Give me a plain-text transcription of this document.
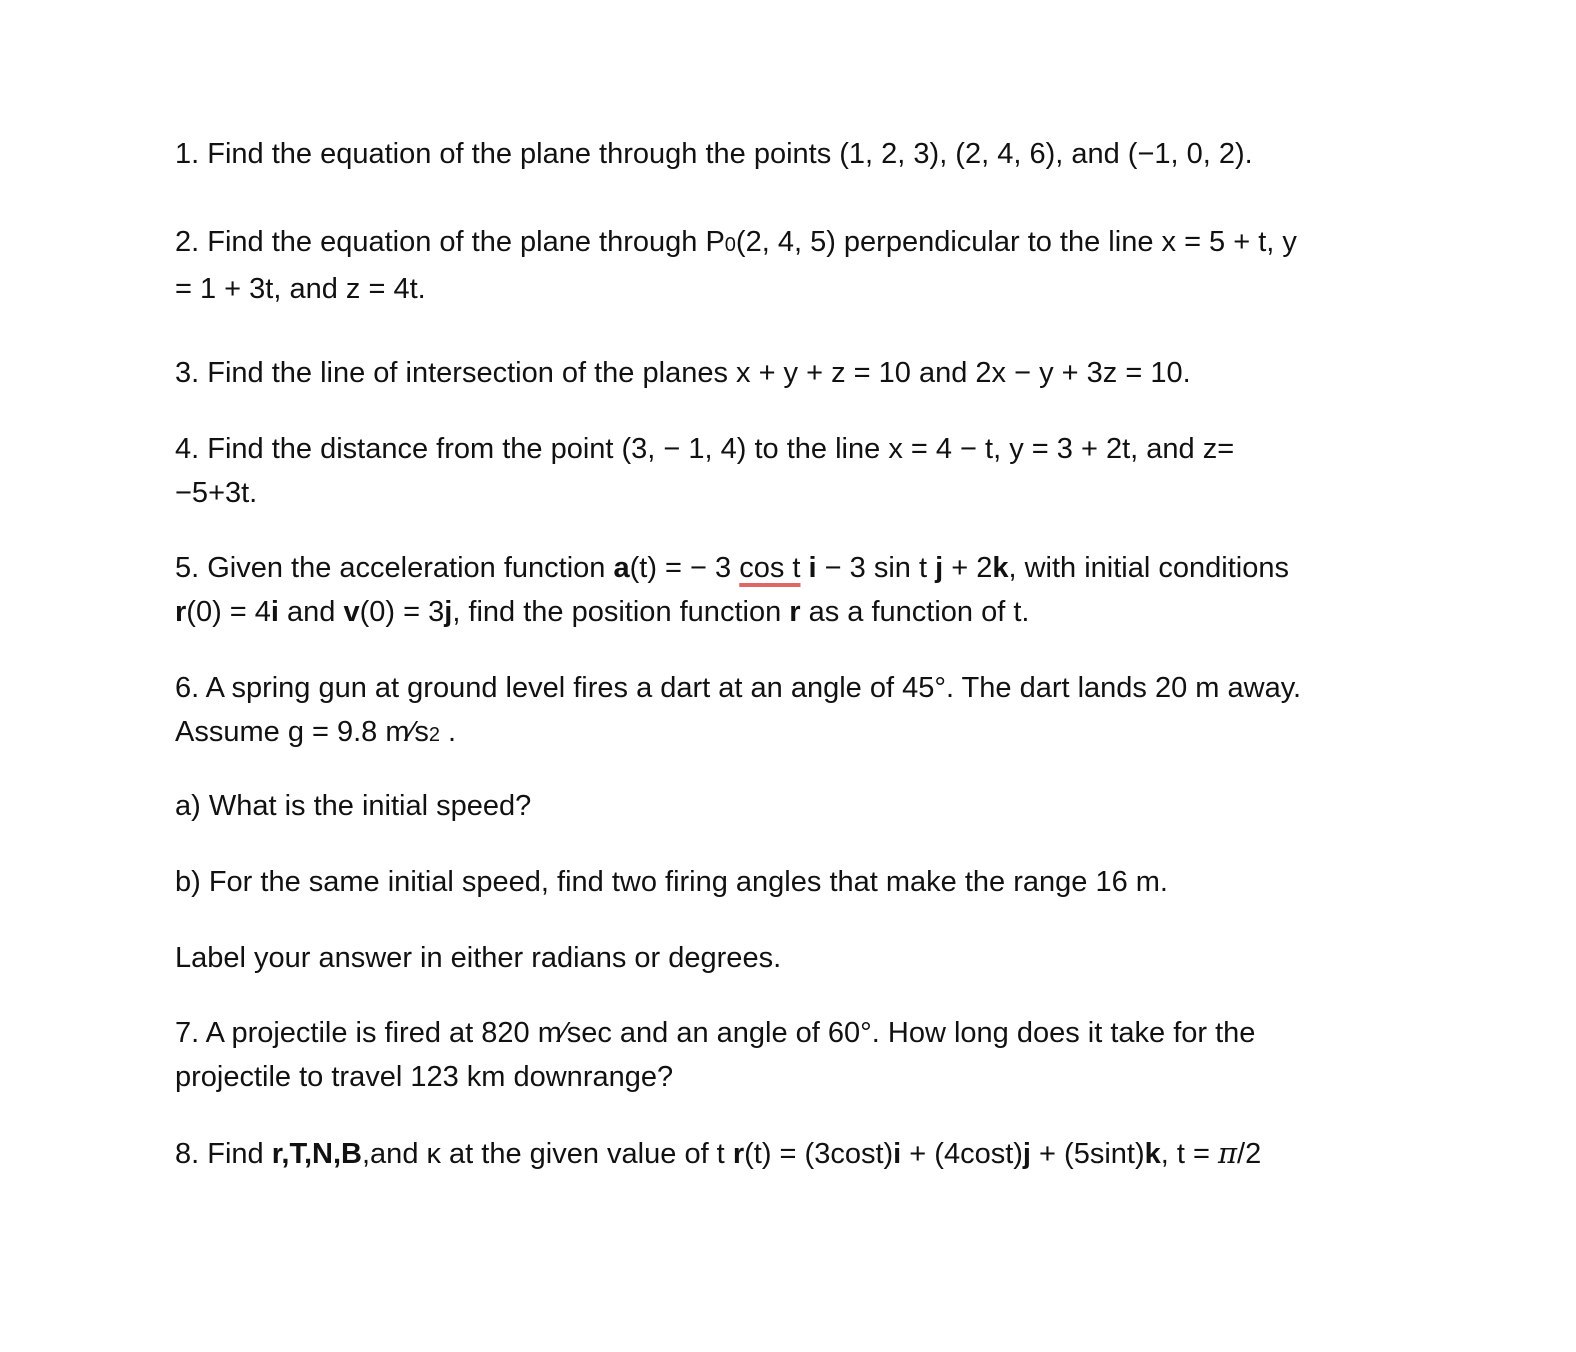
1. Find the equation of the plane through the points (1, 2, 3), (2, 4, 6), and (−1, 0, 2).
2. Find the equation of the plane through P0(2, 4, 5) perpendicular to the line x = 5 + t, y
= 1 + 3t, and z = 4t.
3. Find the line of intersection of the planes x + y + z = 10 and 2x − y + 3z = 10.
4. Find the distance from the point (3, − 1, 4) to the line x = 4 − t, y = 3 + 2t, and z=
−5+3t.
5. Given the acceleration function a(t) = − 3 cos t i − 3 sin t j + 2k, with initial conditions
r(0) = 4i and v(0) = 3j, find the position function r as a function of t.
6. A spring gun at ground level fires a dart at an angle of 45°. The dart lands 20 m away.
Assume g = 9.8 m⁄s2 .
a) What is the initial speed?
b) For the same initial speed, find two firing angles that make the range 16 m.
Label your answer in either radians or degrees.
7. A projectile is fired at 820 m⁄sec and an angle of 60°. How long does it take for the
projectile to travel 123 km downrange?
8. Find r,T,N,B,and κ at the given value of t r(t) = (3cost)i + (4cost)j + (5sint)k, t = π/2
